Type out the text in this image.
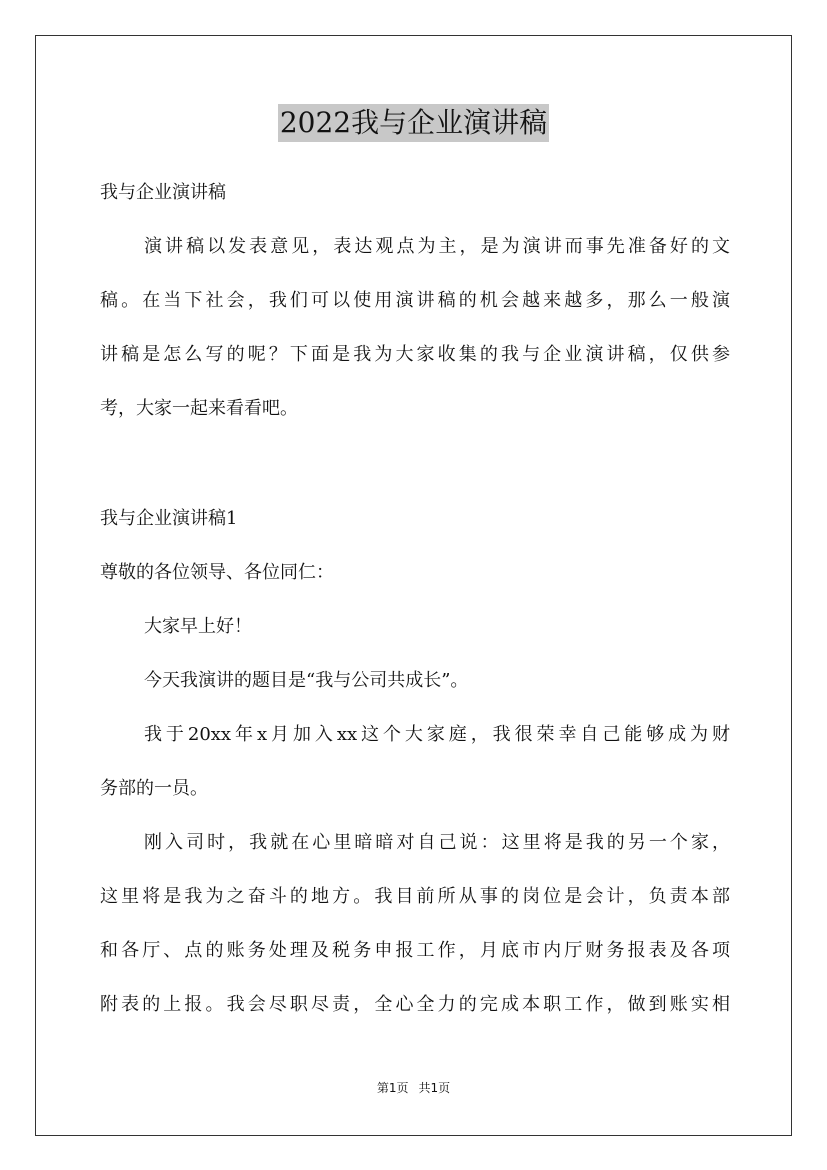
2022我与企业演讲稿

我与企业演讲稿

演讲稿以发表意见，表达观点为主，是为演讲而事先准备好的文
稿。在当下社会，我们可以使用演讲稿的机会越来越多，那么一般演
讲稿是怎么写的呢？下面是我为大家收集的我与企业演讲稿，仅供参
考，大家一起来看看吧。

我与企业演讲稿1

尊敬的各位领导、各位同仁：

大家早上好！

今天我演讲的题目是“我与公司共成长”。

我于20xx年x月加入xx这个大家庭，我很荣幸自己能够成为财
务部的一员。

刚入司时，我就在心里暗暗对自己说：这里将是我的另一个家，
这里将是我为之奋斗的地方。我目前所从事的岗位是会计，负责本部
和各厅、点的账务处理及税务申报工作，月底市内厅财务报表及各项
附表的上报。我会尽职尽责，全心全力的完成本职工作，做到账实相

第1页 共1页
